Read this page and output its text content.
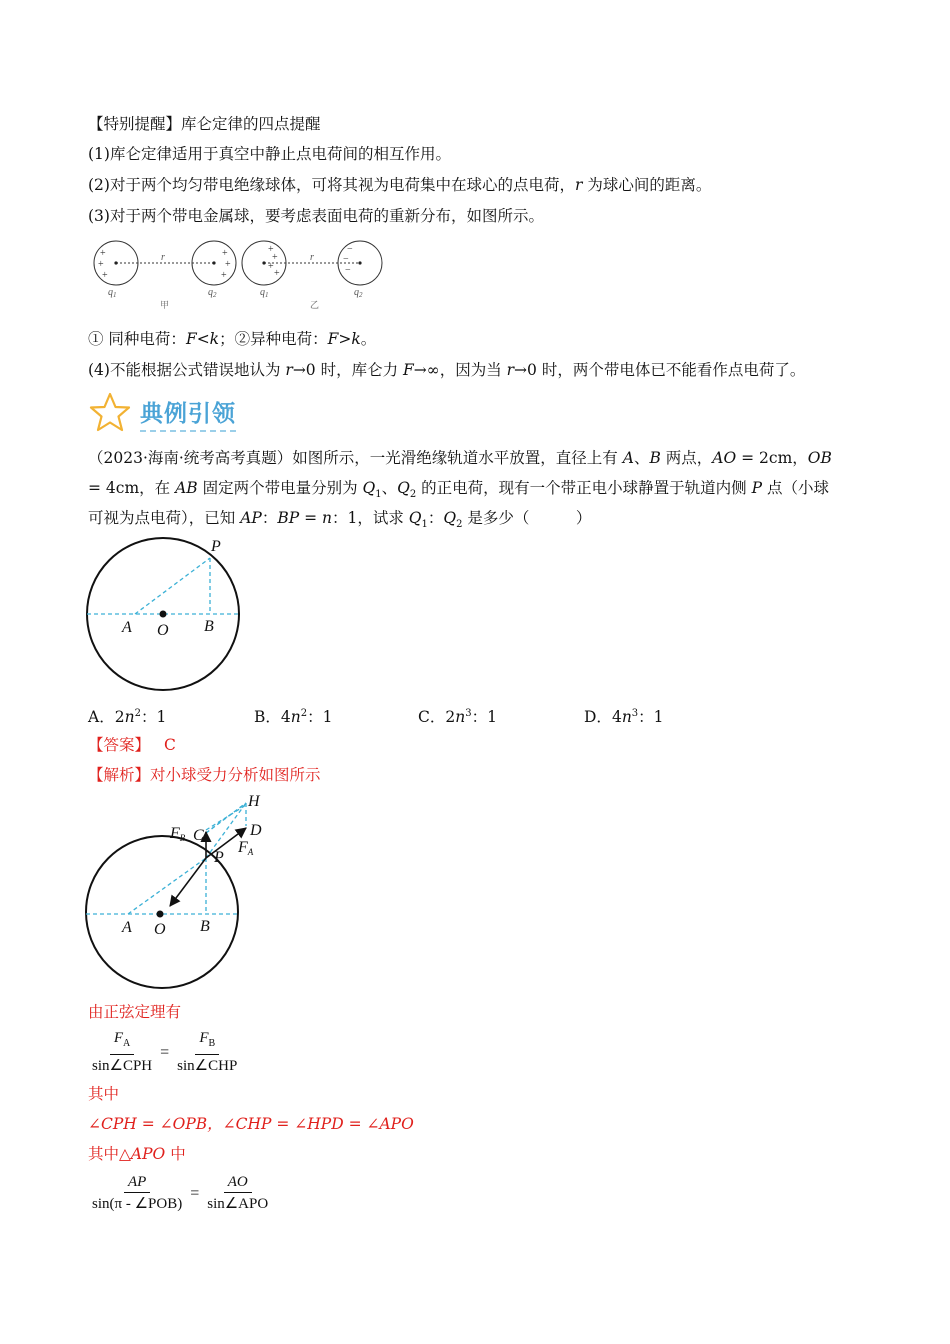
【特别提醒】库仑定律的四点提醒
(1)库仑定律适用于真空中静止点电荷间的相互作用。
(2)对于两个均匀带电绝缘球体，可将其视为电荷集中在球心的点电荷，r 为球心间的距离。
(3)对于两个带电金属球，要考虑表面电荷的重新分布，如图所示。
+
+
+
+
+
+
+
+
+
+
−
−
−
r	r
$q_1$	$q_2$	$q_1$	$q_2$
甲	乙
① 同种电荷：F<k；②异种电荷：F>k。
(4)不能根据公式错误地认为 r→0 时，库仑力 F→∞，因为当 r→0 时，两个带电体已不能看作点电荷了。
典例引领
（2023·海南·统考高考真题）如图所示，一光滑绝缘轨道水平放置，直径上有 A、B 两点，AO = 2cm，OB
= 4cm，在 AB 固定两个带电量分别为 $Q_1$、$Q_2$ 的正电荷，现有一个带正电小球静置于轨道内侧 P 点（小球
可视为点电荷），已知 AP：BP = n：1，试求 $Q_1$：$Q_2$ 是多少（　　　）
P
A O B
A．$2n^2$：1	B．$4n^2$：1	C．$2n^3$：1	D．$4n^3$：1
【答案】 C
【解析】对小球受力分析如图所示
H
FB C	D
P
FA
A O B
由正弦定理有
$\frac{F_A}{\text{sin∠CPH}} = \frac{F_B}{\text{sin∠CHP}}$
其中
∠CPH = ∠OPB，∠CHP = ∠HPD = ∠APO
其中△APO 中
$\frac{AP}{\text{sin(π - ∠POB)}} = \frac{AO}{\text{sin∠APO}}$
